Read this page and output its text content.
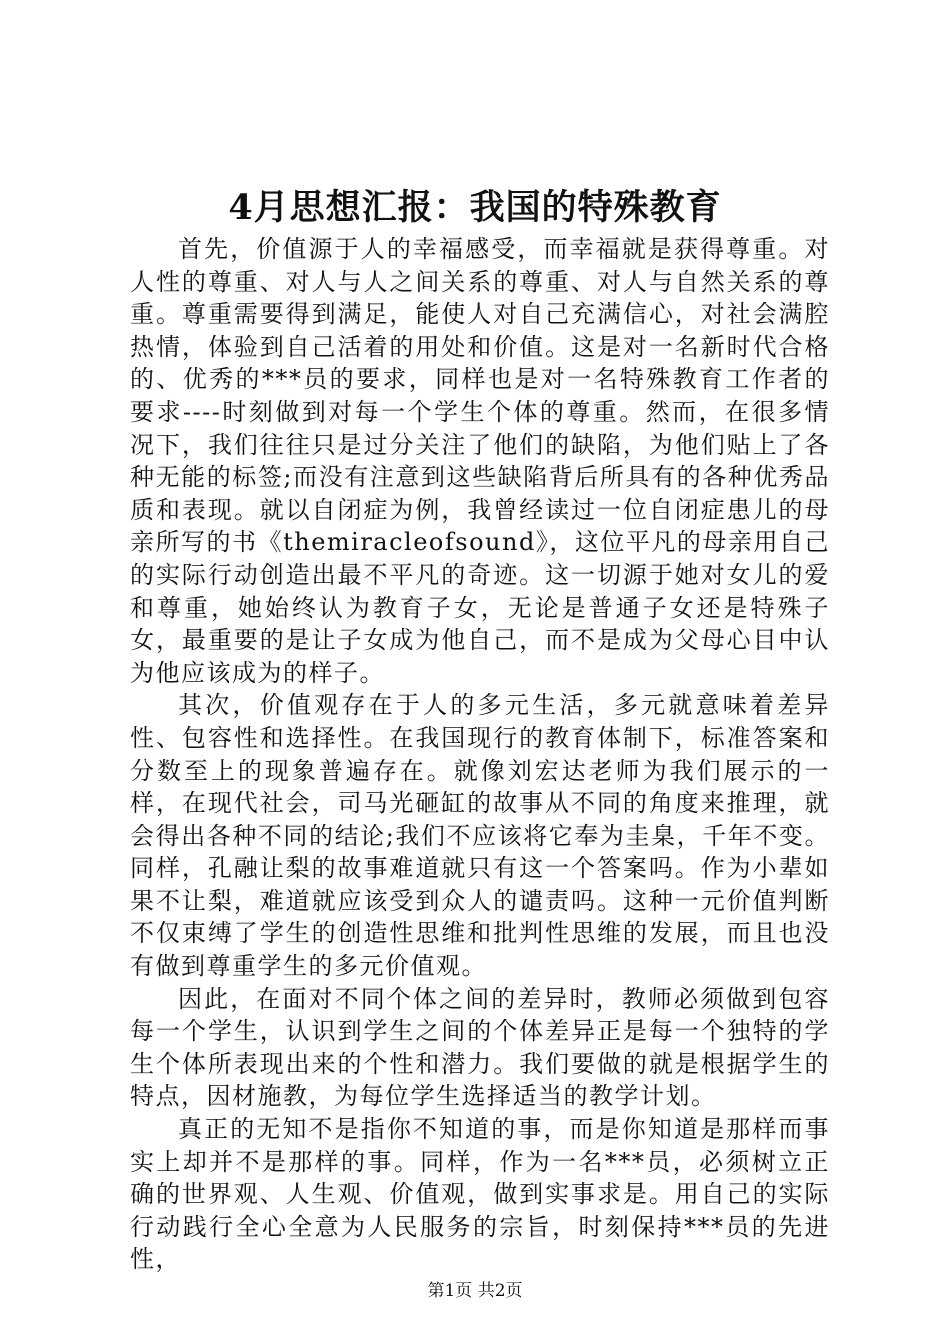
4月思想汇报：我国的特殊教育

首先，价值源于人的幸福感受，而幸福就是获得尊重。对人性的尊重、对人与人之间关系的尊重、对人与自然关系的尊重。尊重需要得到满足，能使人对自己充满信心，对社会满腔热情，体验到自己活着的用处和价值。这是对一名新时代合格的、优秀的***员的要求，同样也是对一名特殊教育工作者的要求----时刻做到对每一个学生个体的尊重。然而，在很多情况下，我们往往只是过分关注了他们的缺陷，为他们贴上了各种无能的标签;而没有注意到这些缺陷背后所具有的各种优秀品质和表现。就以自闭症为例，我曾经读过一位自闭症患儿的母亲所写的书《themiracleofsound》，这位平凡的母亲用自己的实际行动创造出最不平凡的奇迹。这一切源于她对女儿的爱和尊重，她始终认为教育子女，无论是普通子女还是特殊子女，最重要的是让子女成为他自己，而不是成为父母心目中认为他应该成为的样子。

其次，价值观存在于人的多元生活，多元就意味着差异性、包容性和选择性。在我国现行的教育体制下，标准答案和分数至上的现象普遍存在。就像刘宏达老师为我们展示的一样，在现代社会，司马光砸缸的故事从不同的角度来推理，就会得出各种不同的结论;我们不应该将它奉为圭臬，千年不变。同样，孔融让梨的故事难道就只有这一个答案吗。作为小辈如果不让梨，难道就应该受到众人的谴责吗。这种一元价值判断不仅束缚了学生的创造性思维和批判性思维的发展，而且也没有做到尊重学生的多元价值观。

因此，在面对不同个体之间的差异时，教师必须做到包容每一个学生，认识到学生之间的个体差异正是每一个独特的学生个体所表现出来的个性和潜力。我们要做的就是根据学生的特点，因材施教，为每位学生选择适当的教学计划。

真正的无知不是指你不知道的事，而是你知道是那样而事实上却并不是那样的事。同样，作为一名***员，必须树立正确的世界观、人生观、价值观，做到实事求是。用自己的实际行动践行全心全意为人民服务的宗旨，时刻保持***员的先进性，

第1页 共2页
